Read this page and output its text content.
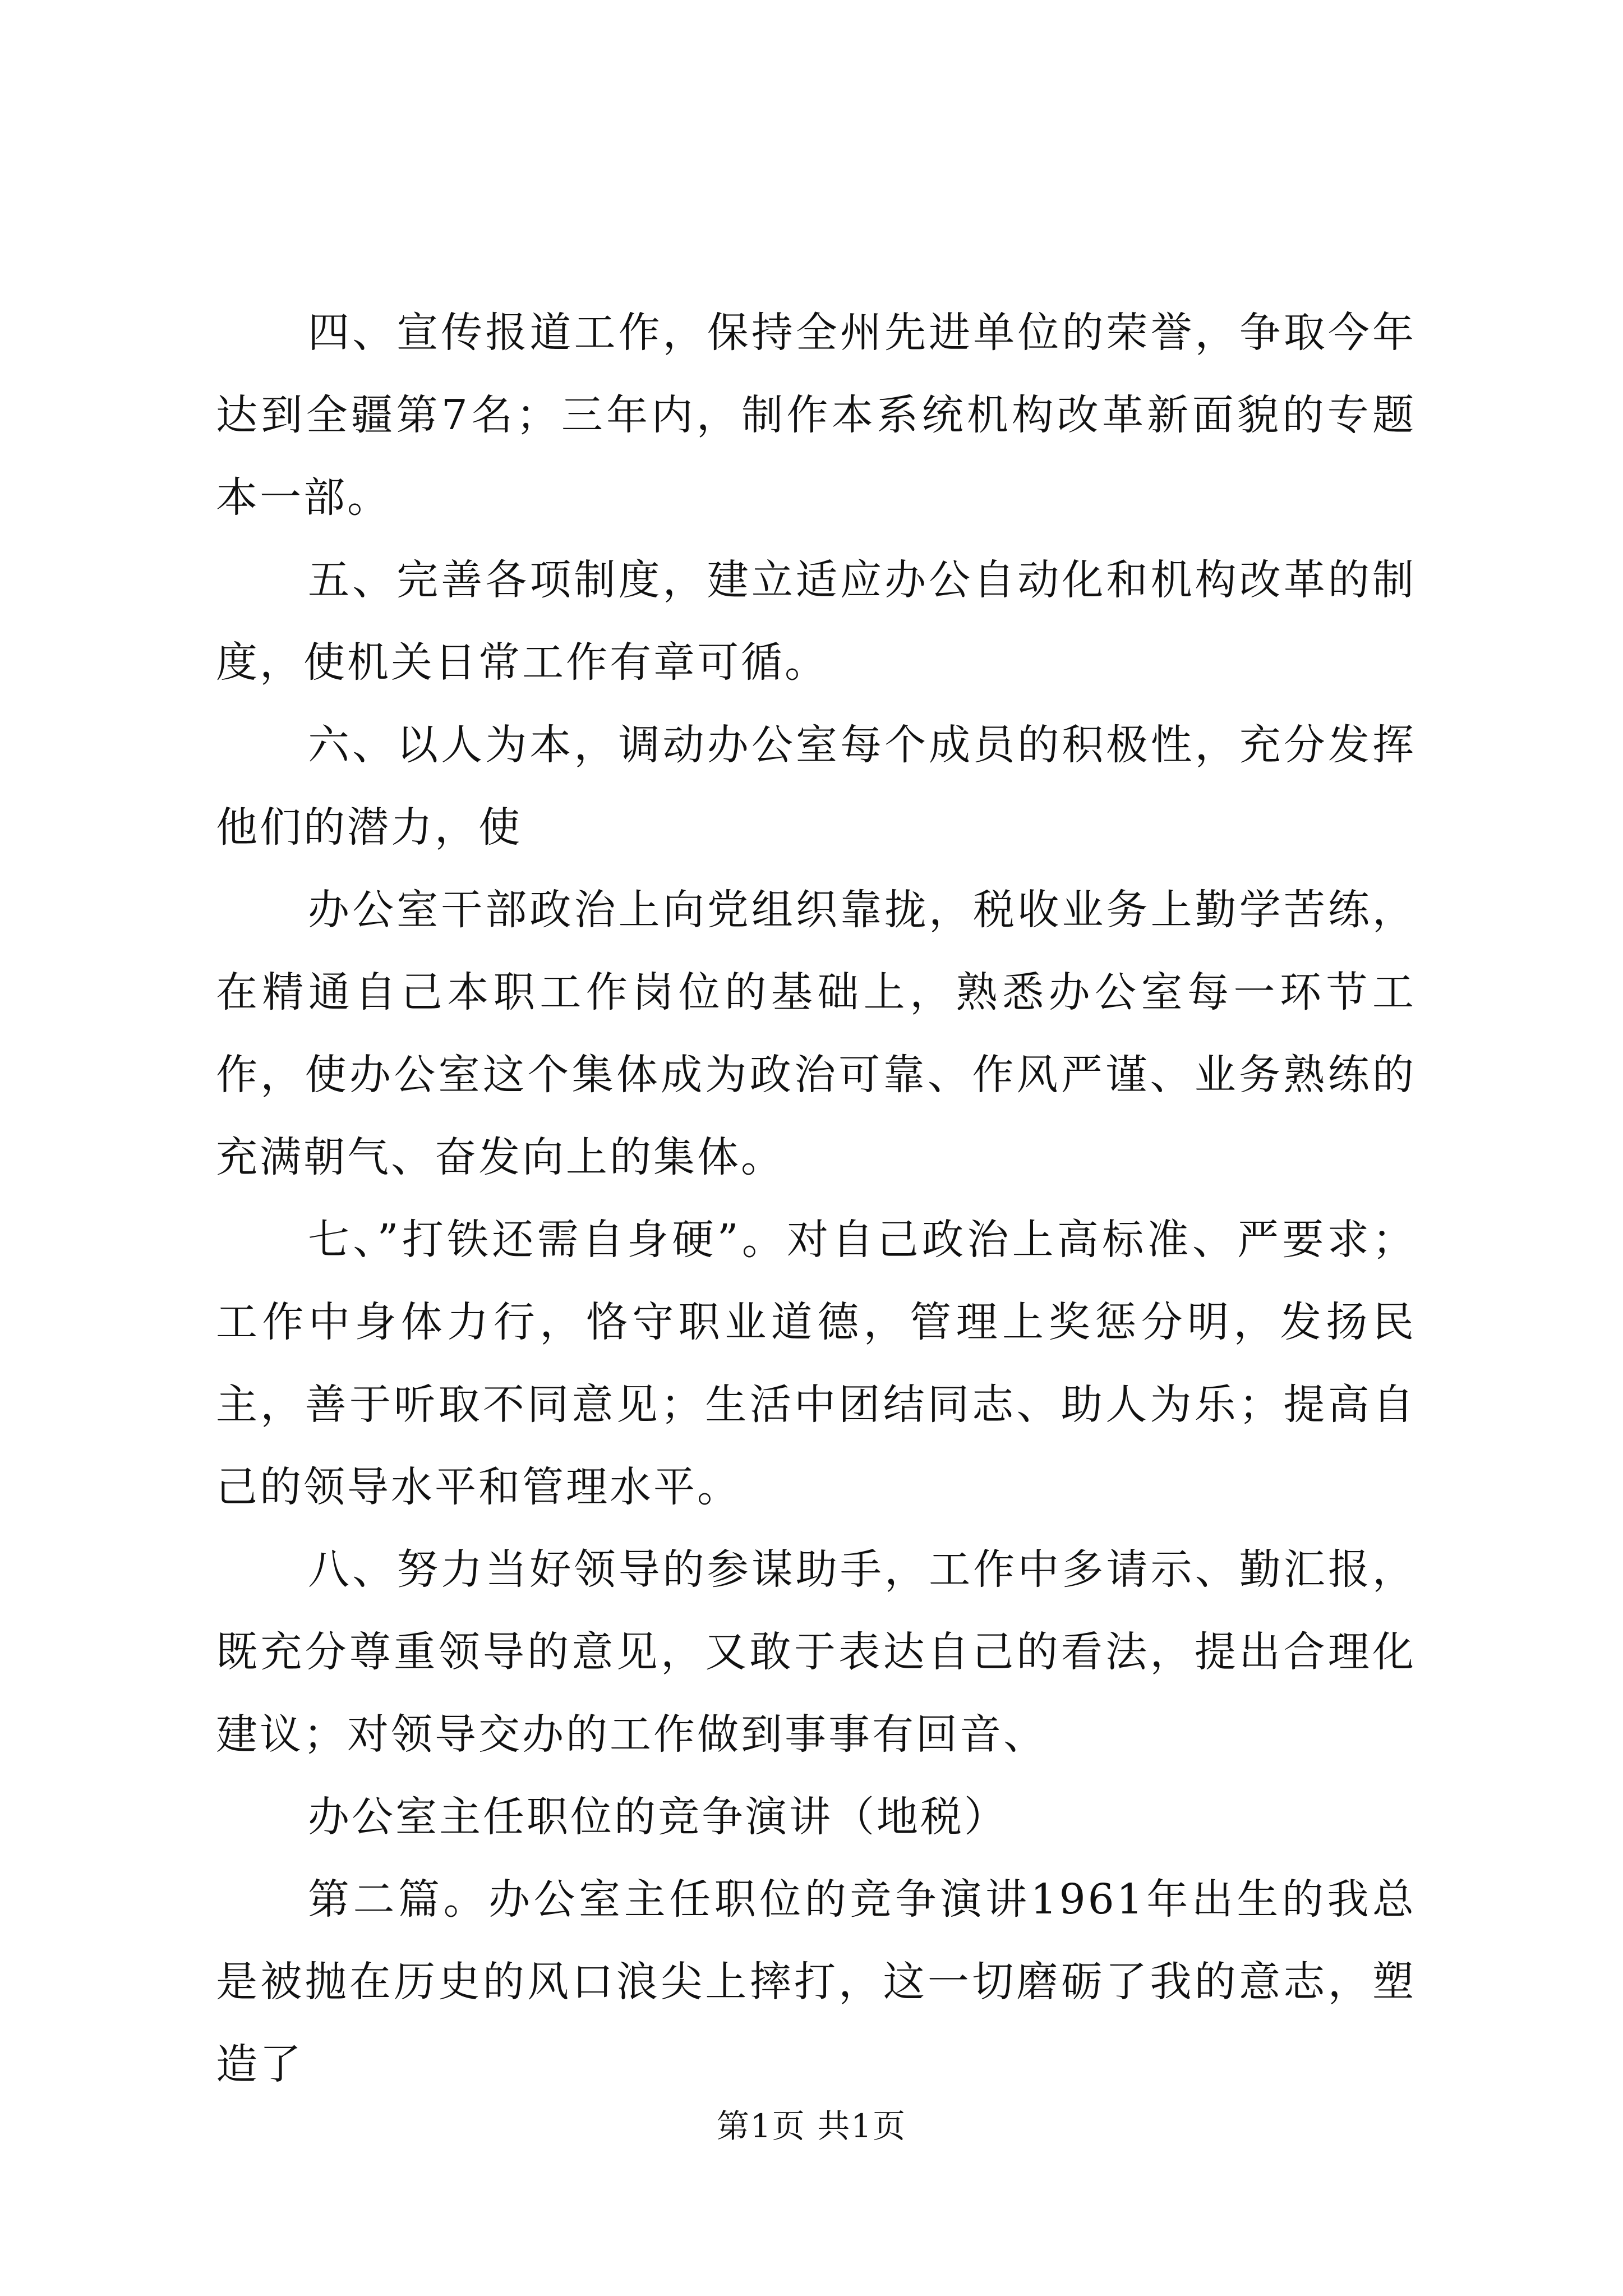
四、宣传报道工作，保持全州先进单位的荣誉，争取今年达到全疆第7名；三年内，制作本系统机构改革新面貌的专题本一部。

五、完善各项制度，建立适应办公自动化和机构改革的制度，使机关日常工作有章可循。

六、以人为本，调动办公室每个成员的积极性，充分发挥他们的潜力，使

办公室干部政治上向党组织靠拢，税收业务上勤学苦练，在精通自己本职工作岗位的基础上，熟悉办公室每一环节工作，使办公室这个集体成为政治可靠、作风严谨、业务熟练的充满朝气、奋发向上的集体。

七、”打铁还需自身硬”。对自己政治上高标准、严要求；工作中身体力行，恪守职业道德，管理上奖惩分明，发扬民主，善于听取不同意见；生活中团结同志、助人为乐；提高自己的领导水平和管理水平。

八、努力当好领导的参谋助手，工作中多请示、勤汇报，既充分尊重领导的意见，又敢于表达自己的看法，提出合理化建议；对领导交办的工作做到事事有回音、

办公室主任职位的竞争演讲（地税）

第二篇。办公室主任职位的竞争演讲1961年出生的我总是被抛在历史的风口浪尖上摔打，这一切磨砺了我的意志，塑造了

第1页 共1页
